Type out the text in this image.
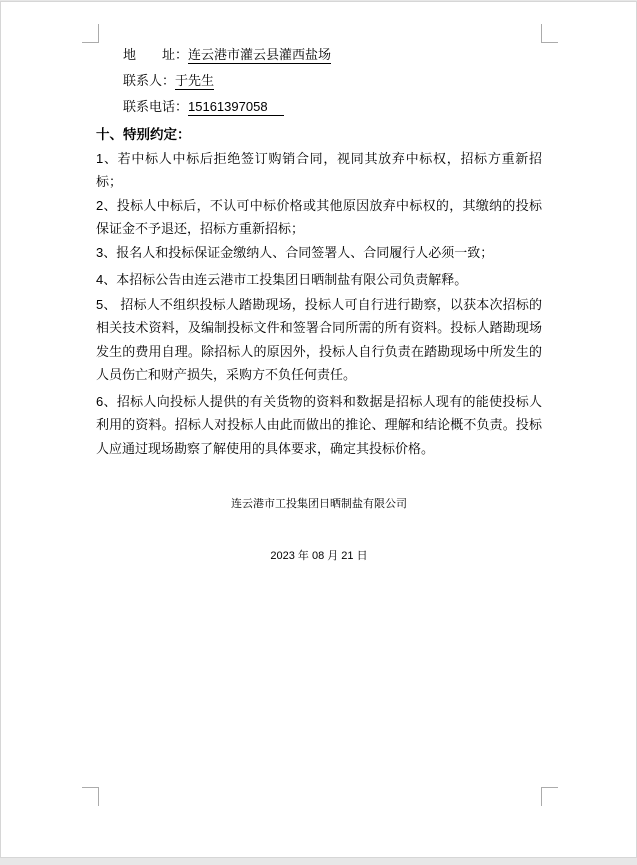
地　　址：连云港市灌云县灌西盐场

联系人：于先生

联系电话：15161397058

十、特别约定：

1、若中标人中标后拒绝签订购销合同，视同其放弃中标权，招标方重新招标；

2、投标人中标后，不认可中标价格或其他原因放弃中标权的，其缴纳的投标保证金不予退还，招标方重新招标；

3、报名人和投标保证金缴纳人、合同签署人、合同履行人必须一致；

4、本招标公告由连云港市工投集团日晒制盐有限公司负责解释。

5、 招标人不组织投标人踏勘现场，投标人可自行进行勘察，以获本次招标的相关技术资料，及编制投标文件和签署合同所需的所有资料。投标人踏勘现场发生的费用自理。除招标人的原因外，投标人自行负责在踏勘现场中所发生的人员伤亡和财产损失，采购方不负任何责任。

6、招标人向投标人提供的有关货物的资料和数据是招标人现有的能使投标人利用的资料。招标人对投标人由此而做出的推论、理解和结论概不负责。投标人应通过现场勘察了解使用的具体要求，确定其投标价格。

连云港市工投集团日晒制盐有限公司

2023 年 08 月 21 日
